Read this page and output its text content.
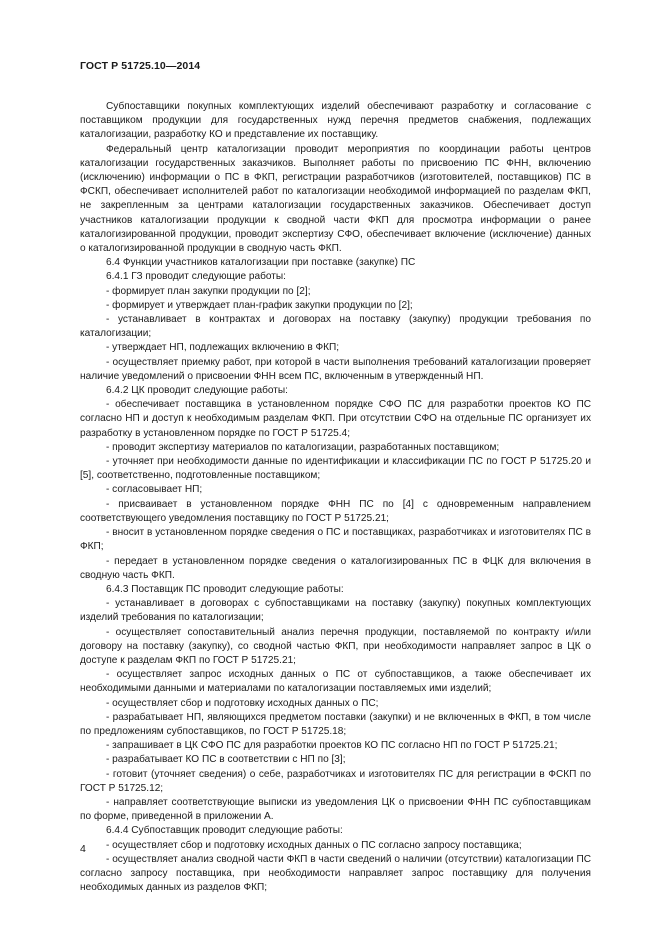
ГОСТ Р 51725.10—2014

Субпоставщики покупных комплектующих изделий обеспечивают разработку и согласование с поставщиком продукции для государственных нужд перечня предметов снабжения, подлежащих каталогизации, разработку КО и представление их поставщику.

Федеральный центр каталогизации проводит мероприятия по координации работы центров каталогизации государственных заказчиков. Выполняет работы по присвоению ПС ФНН, включению (исключению) информации о ПС в ФКП, регистрации разработчиков (изготовителей, поставщиков) ПС в ФСКП, обеспечивает исполнителей работ по каталогизации необходимой информацией по разделам ФКП, не закрепленным за центрами каталогизации государственных заказчиков. Обеспечивает доступ участников каталогизации продукции к сводной части ФКП для просмотра информации о ранее каталогизированной продукции, проводит экспертизу СФО, обеспечивает включение (исключение) данных о каталогизированной продукции в сводную часть ФКП.

6.4 Функции участников каталогизации при поставке (закупке) ПС

6.4.1 ГЗ проводит следующие работы:

- формирует план закупки продукции по [2];

- формирует и утверждает план-график закупки продукции по [2];

- устанавливает в контрактах и договорах на поставку (закупку) продукции требования по каталогизации;

- утверждает НП, подлежащих включению в ФКП;

- осуществляет приемку работ, при которой в части выполнения требований каталогизации проверяет наличие уведомлений о присвоении ФНН всем ПС, включенным в утвержденный НП.

6.4.2 ЦК проводит следующие работы:

- обеспечивает поставщика в установленном порядке СФО ПС для разработки проектов КО ПС согласно НП и доступ к необходимым разделам ФКП. При отсутствии СФО на отдельные ПС организует их разработку в установленном порядке по ГОСТ Р 51725.4;

- проводит экспертизу материалов по каталогизации, разработанных поставщиком;

- уточняет при необходимости данные по идентификации и классификации ПС по ГОСТ Р 51725.20 и [5], соответственно, подготовленные поставщиком;

- согласовывает НП;

- присваивает в установленном порядке ФНН ПС по [4] с одновременным направлением соответствующего уведомления поставщику по ГОСТ Р 51725.21;

- вносит в установленном порядке сведения о ПС и поставщиках, разработчиках и изготовителях ПС в ФКП;

- передает в установленном порядке сведения о каталогизированных ПС в ФЦК для включения в сводную часть ФКП.

6.4.3 Поставщик ПС проводит следующие работы:

- устанавливает в договорах с субпоставщиками на поставку (закупку) покупных комплектующих изделий требования по каталогизации;

- осуществляет сопоставительный анализ перечня продукции, поставляемой по контракту и/или договору на поставку (закупку), со сводной частью ФКП, при необходимости направляет запрос в ЦК о доступе к разделам ФКП по ГОСТ Р 51725.21;

- осуществляет запрос исходных данных о ПС от субпоставщиков, а также обеспечивает их необходимыми данными и материалами по каталогизации поставляемых ими изделий;

- осуществляет сбор и подготовку исходных данных о ПС;

- разрабатывает НП, являющихся предметом поставки (закупки) и не включенных в ФКП, в том числе по предложениям субпоставщиков, по ГОСТ Р 51725.18;

- запрашивает в ЦК СФО ПС для разработки проектов КО ПС согласно НП по ГОСТ Р 51725.21;

- разрабатывает КО ПС в соответствии с НП по [3];

- готовит (уточняет сведения) о себе, разработчиках и изготовителях ПС для регистрации в ФСКП по ГОСТ Р 51725.12;

- направляет соответствующие выписки из уведомления ЦК о присвоении ФНН ПС субпоставщикам по форме, приведенной в приложении А.

6.4.4 Субпоставщик проводит следующие работы:

- осуществляет сбор и подготовку исходных данных о ПС согласно запросу поставщика;

- осуществляет анализ сводной части ФКП в части сведений о наличии (отсутствии) каталогизации ПС согласно запросу поставщика, при необходимости направляет запрос поставщику для получения необходимых данных из разделов ФКП;

4
